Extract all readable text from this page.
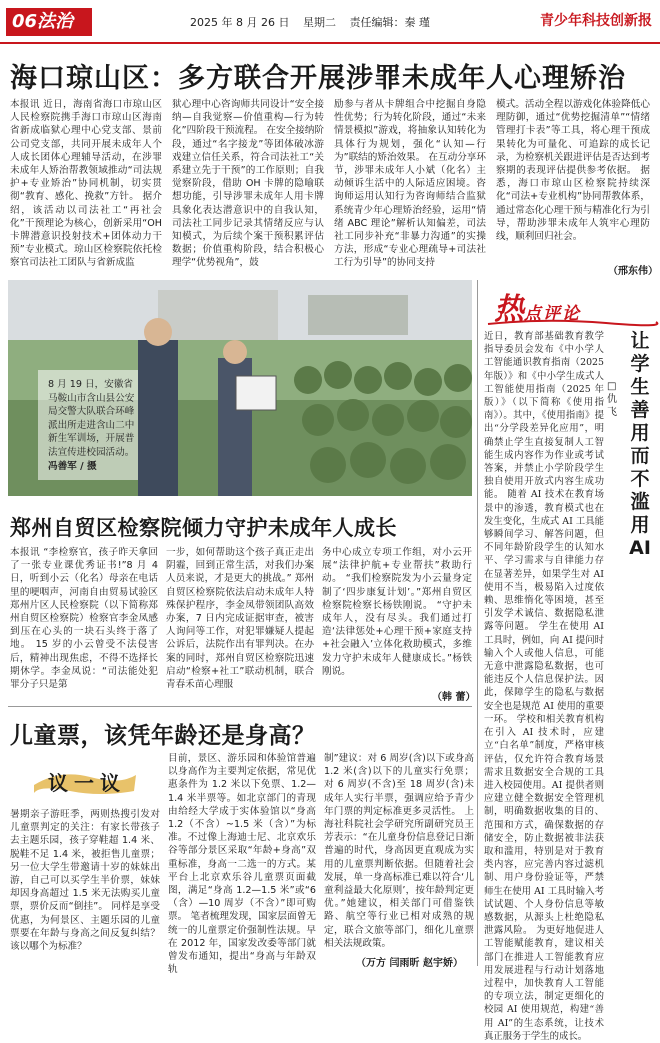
06法治	2025 年 8 月 26 日 星期二 责任编辑：秦 瑾	青少年科技创新报
海口琼山区：多方联合开展涉罪未成年人心理矫治
本报讯 近日，海南省海口市琼山区人民检察院携手海口市琼山区海南省新成临狱心理中心党支部、景前公司党支部，共同开展未成年人个人成长团体心理辅导活动，在涉罪未成年人矫治帮教领域推动“司法规护+专业矫治”协同机制，切实贯彻“教育、感化、挽救”方针。 据介绍，该活动以司法社工“再社会化”干预理论为核心，创新采用“OH 卡牌潜意识投射技术+团体动力干预”专业模式。琼山区检察院依托检察官司法社工团队与省新成监
狱心理中心咨询师共同设计“安全接纳—自我觉察—价值重构—行为转化”四阶段干预流程。 在安全接纳阶段，通过“名字接龙”等团体破冰游戏建立信任关系，符合司法社工“关系建立先于干预”的工作原则；自我觉察阶段，借助 OH 卡牌的隐喻联想功能，引导涉罪未成年人用卡牌具象化表达潜意识中的自我认知，司法社工同步记录其情绪反应与认知模式，为后续个案干预积累评估数据；价值重构阶段，结合积极心理学“优势视角”，鼓
励参与者从卡牌组合中挖掘自身隐性优势；行为转化阶段，通过“未来情景模拟”游戏，将抽象认知转化为具体行为规划，强化“认知—行为”联结的矫治效果。 在互动分享环节，涉罪未成年人小斌（化名）主动倾诉生活中的人际适应困境。咨询师运用认知行为咨询师结合监狱系统青少年心理矫治经验，运用“情绪 ABC 理论”解析认知偏差，司法社工同步补充“非暴力沟通”的实操方法，形成“专业心理疏导+司法社工行为引导”的协同支持
模式。活动全程以游戏化体验降低心理防御，通过“优势挖掘清单”“情绪管理打卡表”等工具，将心理干预成果转化为可量化、可追踪的成长记录，为检察机关跟进评估是否达到考察期的表现评估提供参考依据。 据悉，海口市琼山区检察院持续深化“司法+专业机构”协同帮教体系，通过常态化心理干预与精准化行为引导，帮助涉罪未成年人筑牢心理防线，顺利回归社会。
（邢东伟）
8 月 19 日，安徽省马鞍山市含山县公安局交警大队联合环峰派出所走进含山二中新生军训场，开展普法宣传进校园活动。
冯善军 / 摄
郑州自贸区检察院倾力守护未成年人成长
本报讯 “李检察官，孩子昨天拿回了一张专业课优秀证书!”8 月 4 日，听到小云（化名）母亲在电话里的哽咽声，河南自由贸易试验区郑州片区人民检察院（以下简称郑州自贸区检察院）检察官李金凤感到压在心头的一块石头终于落了地。 15 岁的小云曾受不法侵害后，精神出现焦虑，不得不选择长期休学。李金凤说：“司法能处犯罪分子只是第
一步，如何帮助这个孩子真正走出阴霾，回到正常生活，对我们办案人员来说，才是更大的挑战。” 郑州自贸区检察院依法启动未成年人特殊保护程序，李金凤带领团队高效办案，7 日内完成证据审查，被害人询问等工作，对犯罪嫌疑人提起公诉后，法院作出有罪判决。在办案的同时，郑州自贸区检察院迅速启动“检察+社工”联动机制，联合青春禾苗心理服
务中心成立专项工作组，对小云开展“法律护航+专业帮扶”救助行动。 “我们检察院发为小云量身定制了‘四步康复计划’。”郑州自贸区检察院检察长杨铁刚说。 “守护未成年人，没有尽头。我们通过打造‘法律惩处+心理干预+家庭支持+社会融入’立体化救助模式，多维发力守护未成年人健康成长。”杨铁刚说。
（韩 蕾）
儿童票，该凭年龄还是身高？
议一议
暑期亲子游旺季，两则热搜引发对儿童票判定的关注：有家长带孩子去主题乐园，孩子穿鞋超 1.4 米、脱鞋不足 1.4 米，被拒售儿童票；另一位大学生带邀请十岁的妹妹出游，自己可以买学生半价票，妹妹却因身高超过 1.5 米无法购买儿童票，票价反而“倒挂”。 同样是享受优惠，为何景区、主题乐园的儿童票要在年龄与身高之间反复纠结？该以哪个为标准？
目前，景区、游乐园和体验馆普遍以身高作为主要判定依据，常见优惠条件为 1.2 米以下免票、1.2—1.4 米半票等。如北京部门的青现由给经大学成于实体验馆以“身高 1.2（不含）~1.5 米（含）”为标准。不过像上海迪士尼、北京欢乐谷等部分景区采取“年龄+身高”双重标准，身高一二选一的方式。某平台上北京欢乐谷儿童票页面截图，满足“身高 1.2—1.5 米”或“6（含）—10 周岁（不含）”即可购票。 笔者梳理发现，国家层面曾无统一的儿童票定价强制性法规。早在 2012 年，国家发改委等部门就曾发布通知，提出“身高与年龄双轨
制”建议：对 6 周岁(含)以下或身高 1.2 米(含)以下的儿童实行免票；对 6 周岁(不含)至 18 周岁(含)未成年人实行半票，强调应给予青少年门票的判定标准更多灵活性。 上海社科院社会学研究所副研究员王芳表示：“在儿童身份信息登记日渐普遍的时代，身高因更直观成为实用的儿童票判断依据。但随着社会发展，单一身高标准已难以符合‘儿童利益最大化原则’，按年龄判定更优。”她建议，相关部门可借鉴铁路、航空等行业已相对成熟的规定，联合文旅等部门，细化儿童票相关法规政策。
（万方 闫雨昕 赵宇娇）
热点评论
让学生善用而不滥用AI
□ 仇飞
近日，教育部基础教育教学指导委员会发布《中小学人工智能通识教育指南（2025 年版）》和《中小学生成式人工智能使用指南（2025 年版）》（以下简称《使用指南》）。其中，《使用指南》提出“分学段差异化应用”，明确禁止学生直接复制人工智能生成内容作为作业或考试答案，并禁止小学阶段学生独自使用开放式内容生成功能。 随着 AI 技术在教育场景中的渗透，教育模式也在发生变化，生成式 AI 工具能够瞬间学习、解答问题，但不同年龄阶段学生的认知水平、学习需求与自律能力存在显著差异，如果学生对 AI 使用不当，极易陷入过度依赖、思维惰化等困境，甚至引发学术诚信、数据隐私泄露等问题。 学生在使用 AI 工具时，例如，向 AI 提问时输入个人或他人信息，可能无意中泄露隐私数据，也可能违反个人信息保护法。因此，保障学生的隐私与数据安全也是规范 AI 使用的重要一环。 学校和相关教育机构在引入 AI 技术时，应建立“白名单”制度，严格审核评估，仅允许符合教育场景需求且数据安全合规的工具进入校园使用。AI 提供者则应建立健全数据安全管理机制，明确数据收集的目的、范围和方式，确保数据的存储安全，防止数据被非法获取和滥用，特别是对于教育类内容，应完善内容过滤机制、用户身份验证等，严禁师生在使用 AI 工具时输入考试试题、个人身份信息等敏感数据，从源头上杜绝隐私泄露风险。 为更好地促进人工智能赋能教育，建议相关部门在推进人工智能教育应用发展进程与行动计划落地过程中，加快教育人工智能的专项立法，制定更细化的校园 AI 使用规范，构建“善用 AI”的生态系统，让技术真正服务于学生的成长。
